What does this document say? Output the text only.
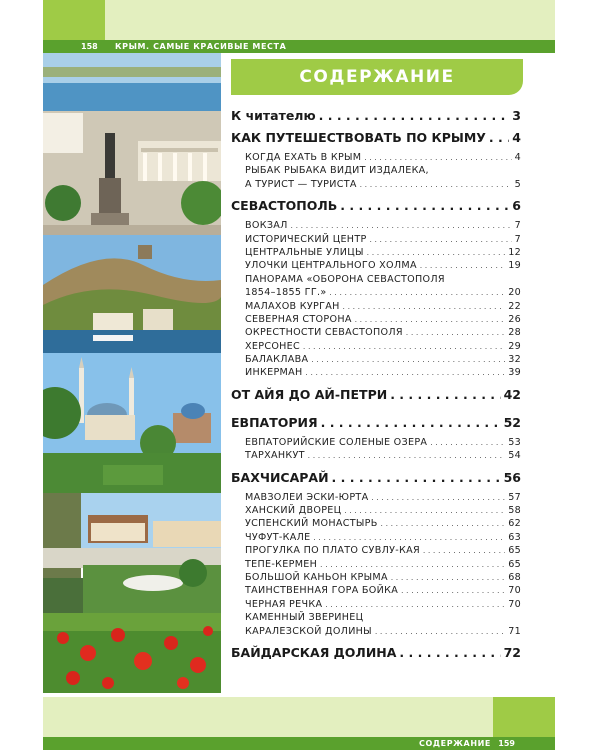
158 КРЫМ. САМЫЕ КРАСИВЫЕ МЕСТА
СОДЕРЖАНИЕ
К читателю . . .	3
КАК ПУТЕШЕСТВОВАТЬ ПО КРЫМУ . . . 4
КОГДА ЕХАТЬ В КРЫМ . . .	4
РЫБАК РЫБАКА ВИДИТ ИЗДАЛЕКА,
А ТУРИСТ — ТУРИСТА . . .	5
СЕВАСТОПОЛЬ . . .	6
ВОКЗАЛ . . .	7
ИСТОРИЧЕСКИЙ ЦЕНТР . . .	7
ЦЕНТРАЛЬНЫЕ УЛИЦЫ . . .	12
УЛОЧКИ ЦЕНТРАЛЬНОГО ХОЛМА . . .	19
ПАНОРАМА «ОБОРОНА СЕВАСТОПОЛЯ
1854–1855 ГГ.» . . .	20
МАЛАХОВ КУРГАН . . .	22
СЕВЕРНАЯ СТОРОНА . . .	26
ОКРЕСТНОСТИ СЕВАСТОПОЛЯ . . .	28
ХЕРСОНЕС . . .	29
БАЛАКЛАВА . . .	32
ИНКЕРМАН . . .	39
ОТ АЙЯ ДО АЙ-ПЕТРИ . . .	42
ЕВПАТОРИЯ . . .	52
ЕВПАТОРИЙСКИЕ СОЛЕНЫЕ ОЗЕРА . . .	53
ТАРХАНКУТ . . .	54
БАХЧИСАРАЙ . . .	56
МАВЗОЛЕИ ЭСКИ-ЮРТА . . .	57
ХАНСКИЙ ДВОРЕЦ . . .	58
УСПЕНСКИЙ МОНАСТЫРЬ . . .	62
ЧУФУТ-КАЛЕ . . .	63
ПРОГУЛКА ПО ПЛАТО СУВЛУ-КАЯ . . .	65
ТЕПЕ-КЕРМЕН . . .	65
БОЛЬШОЙ КАНЬОН КРЫМА . . .	68
ТАИНСТВЕННАЯ ГОРА БОЙКА . . .	70
ЧЕРНАЯ РЕЧКА . . .	70
КАМЕННЫЙ ЗВЕРИНЕЦ
КАРАЛЕЗСКОЙ ДОЛИНЫ . . .	71
БАЙДАРСКАЯ ДОЛИНА . . .	72
СОДЕРЖАНИЕ 159
